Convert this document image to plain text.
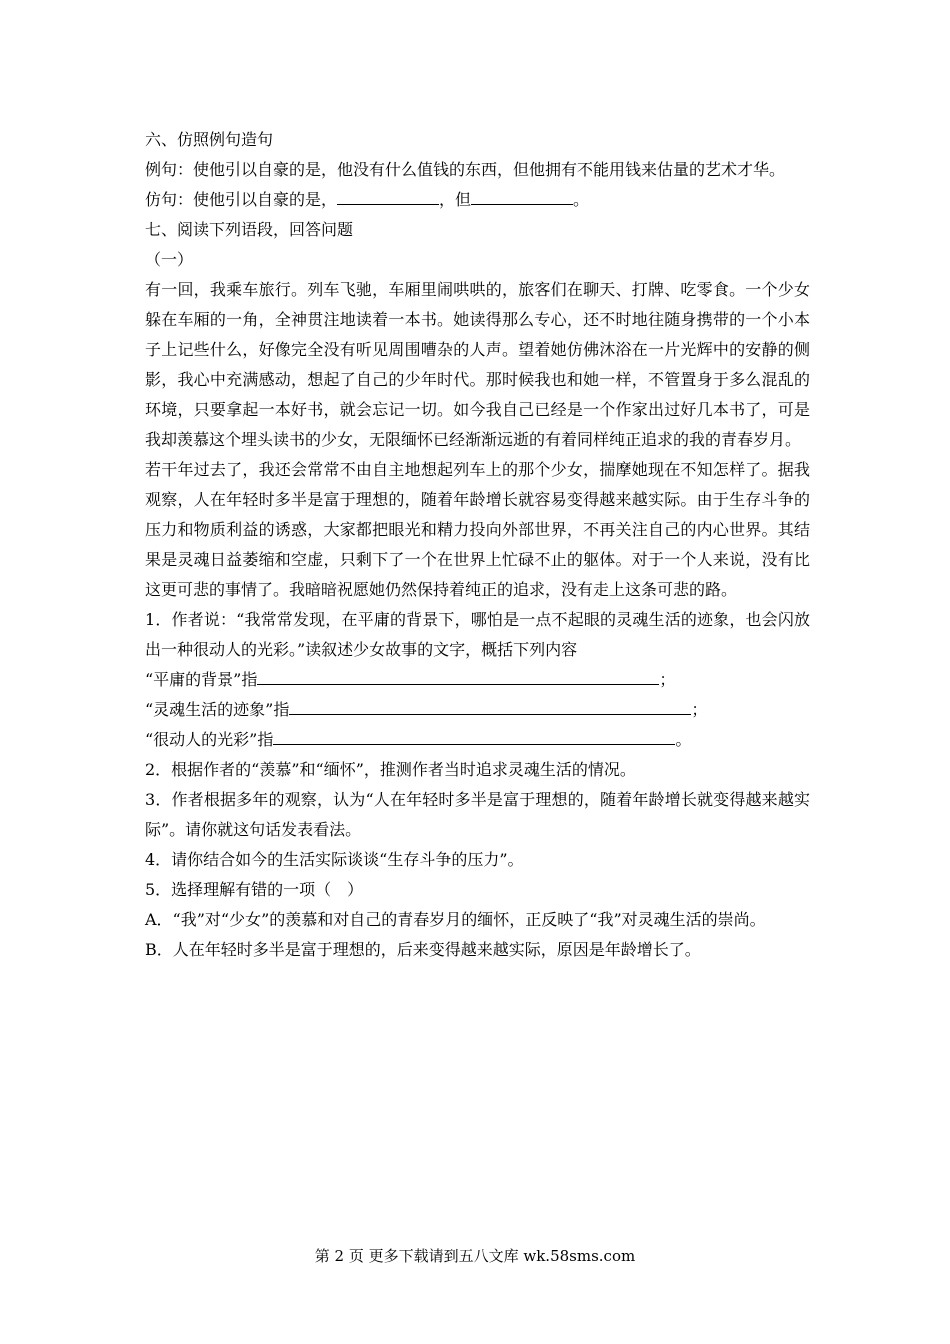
六、仿照例句造句
例句：使他引以自豪的是，他没有什么值钱的东西，但他拥有不能用钱来估量的艺术才华。
仿句：使他引以自豪的是，	，但	。
七、阅读下列语段，回答问题
（一）
有一回，我乘车旅行。列车飞驰，车厢里闹哄哄的，旅客们在聊天、打牌、吃零食。一个少女躲在车厢的一角，全神贯注地读着一本书。她读得那么专心，还不时地往随身携带的一个小本子上记些什么，好像完全没有听见周围嘈杂的人声。望着她仿佛沐浴在一片光辉中的安静的侧影，我心中充满感动，想起了自己的少年时代。那时候我也和她一样，不管置身于多么混乱的环境，只要拿起一本好书，就会忘记一切。如今我自己已经是一个作家出过好几本书了，可是我却羡慕这个埋头读书的少女，无限缅怀已经渐渐远逝的有着同样纯正追求的我的青春岁月。
若干年过去了，我还会常常不由自主地想起列车上的那个少女，揣摩她现在不知怎样了。据我观察，人在年轻时多半是富于理想的，随着年龄增长就容易变得越来越实际。由于生存斗争的压力和物质利益的诱惑，大家都把眼光和精力投向外部世界，不再关注自己的内心世界。其结果是灵魂日益萎缩和空虚，只剩下了一个在世界上忙碌不止的躯体。对于一个人来说，没有比这更可悲的事情了。我暗暗祝愿她仍然保持着纯正的追求，没有走上这条可悲的路。
1．作者说：“我常常发现，在平庸的背景下，哪怕是一点不起眼的灵魂生活的迹象，也会闪放出一种很动人的光彩。”读叙述少女故事的文字，概括下列内容
“平庸的背景”指	；
“灵魂生活的迹象”指	；
“很动人的光彩”指	。
2．根据作者的“羡慕”和“缅怀”，推测作者当时追求灵魂生活的情况。
3．作者根据多年的观察，认为“人在年轻时多半是富于理想的，随着年龄增长就变得越来越实际”。请你就这句话发表看法。
4．请你结合如今的生活实际谈谈“生存斗争的压力”。
5．选择理解有错的一项（　）
A．“我”对“少女”的羡慕和对自己的青春岁月的缅怀，正反映了“我”对灵魂生活的崇尚。
B．人在年轻时多半是富于理想的，后来变得越来越实际，原因是年龄增长了。
第 2 页 更多下载请到五八文库 wk.58sms.com
